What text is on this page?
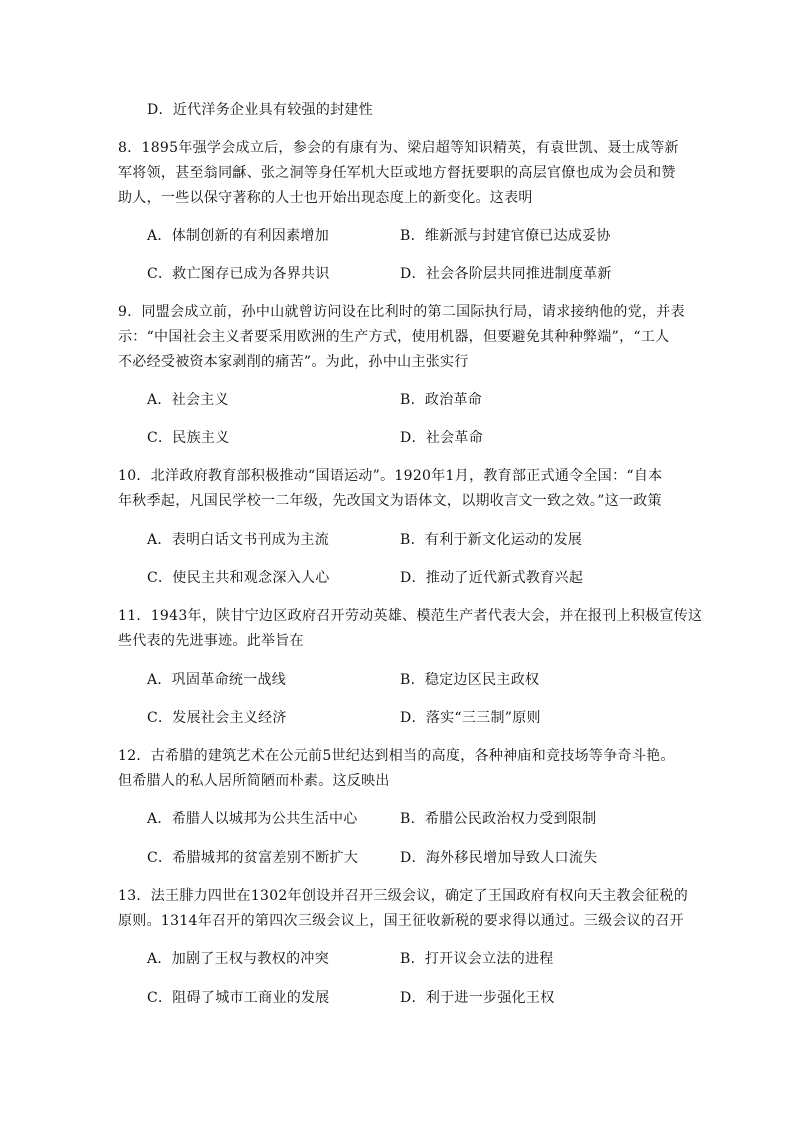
D．近代洋务企业具有较强的封建性
8．1895年强学会成立后，参会的有康有为、梁启超等知识精英，有袁世凯、聂士成等新
军将领，甚至翁同龢、张之洞等身任军机大臣或地方督抚要职的高层官僚也成为会员和赞
助人，一些以保守著称的人士也开始出现态度上的新变化。这表明
A．体制创新的有利因素增加	B．维新派与封建官僚已达成妥协
C．救亡图存已成为各界共识	D．社会各阶层共同推进制度革新
9．同盟会成立前，孙中山就曾访问设在比利时的第二国际执行局，请求接纳他的党，并表
示：“中国社会主义者要采用欧洲的生产方式，使用机器，但要避免其种种弊端”，“工人
不必经受被资本家剥削的痛苦”。为此，孙中山主张实行
A．社会主义	B．政治革命
C．民族主义	D．社会革命
10．北洋政府教育部积极推动“国语运动”。1920年1月，教育部正式通令全国：“自本
年秋季起，凡国民学校一二年级，先改国文为语体文，以期收言文一致之效。”这一政策
A．表明白话文书刊成为主流	B．有利于新文化运动的发展
C．使民主共和观念深入人心	D．推动了近代新式教育兴起
11．1943年，陕甘宁边区政府召开劳动英雄、模范生产者代表大会，并在报刊上积极宣传这
些代表的先进事迹。此举旨在
A．巩固革命统一战线	B．稳定边区民主政权
C．发展社会主义经济	D．落实“三三制”原则
12．古希腊的建筑艺术在公元前5世纪达到相当的高度，各种神庙和竞技场等争奇斗艳。
但希腊人的私人居所简陋而朴素。这反映出
A．希腊人以城邦为公共生活中心	B．希腊公民政治权力受到限制
C．希腊城邦的贫富差别不断扩大	D．海外移民增加导致人口流失
13．法王腓力四世在1302年创设并召开三级会议，确定了王国政府有权向天主教会征税的
原则。1314年召开的第四次三级会议上，国王征收新税的要求得以通过。三级会议的召开
A．加剧了王权与教权的冲突	B．打开议会立法的进程
C．阻碍了城市工商业的发展	D．利于进一步强化王权
